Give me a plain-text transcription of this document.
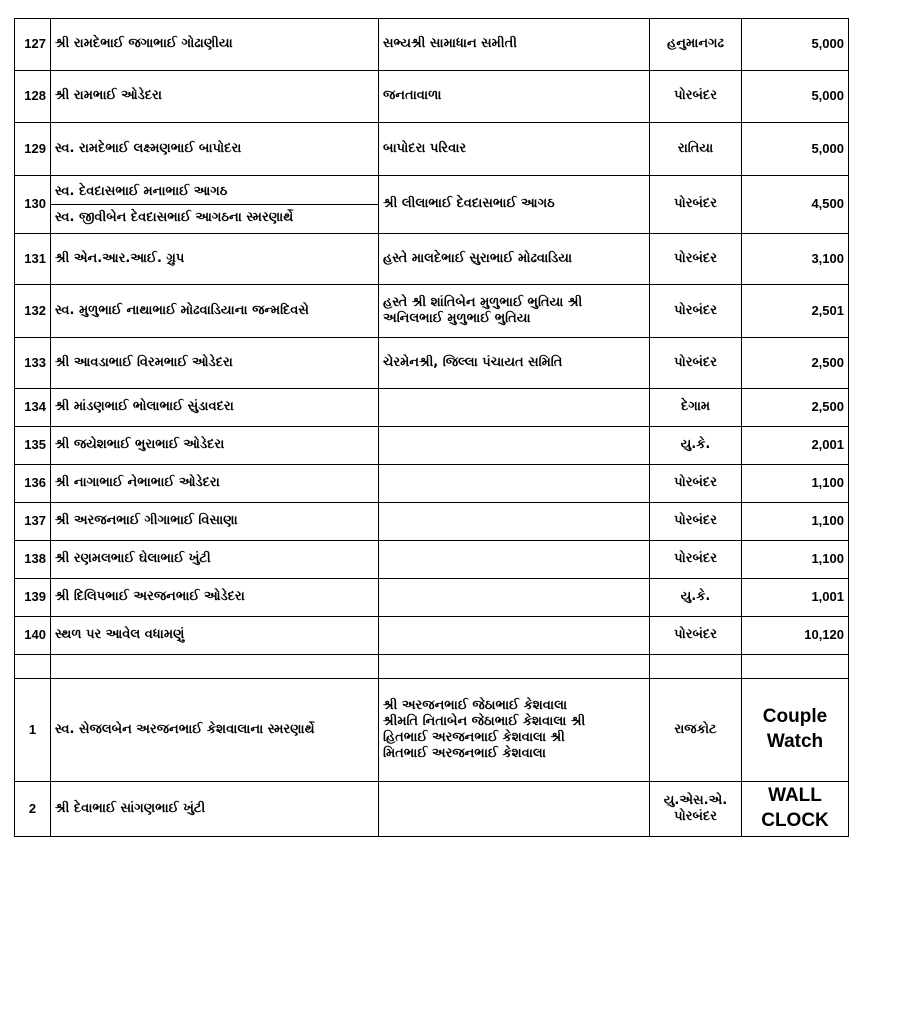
127	શ્રી રામદેભાઈ જગાભાઈ ગોઢાણીયા	સભ્યશ્રી સામાધાન સમીતી	હનુમાનગઢ	5,000
128	શ્રી રામભાઈ ઓડેદરા	જનતાવાળા	પોરબંદર	5,000
129	સ્વ. રામદેભાઈ લક્ષ્મણભાઈ બાપોદરા	બાપોદરા પરિવાર	રાતિયા	5,000
130	સ્વ. દેવદાસભાઈ મનાભાઈ આગઠ
સ્વ. જીવીબેન દેવદાસભાઈ આગઠના સ્મરણાર્થે	શ્રી લીલાભાઈ દેવદાસભાઈ આગઠ	પોરબંદર	4,500
131	શ્રી એન.આર.આઈ. ગ્રુપ	હસ્તે માલદેભાઈ સુરાભાઈ મોઢવાડિયા	પોરબંદર	3,100
132	સ્વ. મુળુભાઈ નાથાભાઈ મોઢવાડિયાના જન્મદિવસે	હસ્તે શ્રી શાંતિબેન મુળુભાઈ ભુતિયા શ્રી
અનિલભાઈ મુળુભાઈ ભુતિયા	પોરબંદર	2,501
133	શ્રી આવડાભાઈ વિરમભાઈ ઓડેદરા	ચેરમેનશ્રી, જિલ્લા પંચાયત સમિતિ	પોરબંદર	2,500
134	શ્રી માંડણભાઈ ભોલાભાઈ સુંડાવદરા		દેગામ	2,500
135	શ્રી જયેશભાઈ ભુરાભાઈ ઓડેદરા		યુ.કે.	2,001
136	શ્રી નાગાભાઈ નેભાભાઈ ઓડેદરા		પોરબંદર	1,100
137	શ્રી અરજનભાઈ ગીગાભાઈ વિસાણા		પોરબંદર	1,100
138	શ્રી રણમલભાઈ ઘેલાભાઈ ખુંટી		પોરબંદર	1,100
139	શ્રી દિલિપભાઈ અરજનભાઈ ઓડેદરા		યુ.કે.	1,001
140	સ્થળ પર આવેલ વધામણું		પોરબંદર	10,120

1	સ્વ. સેજલબેન અરજનભાઈ કેશવાલાના સ્મરણાર્થે	શ્રી અરજનભાઈ જેઠાભાઈ કેશવાલા
શ્રીમતિ નિતાબેન જેઠાભાઈ કેશવાલા શ્રી
હિતભાઈ અરજનભાઈ કેશવાલા શ્રી
મિતભાઈ અરજનભાઈ કેશવાલા	રાજકોટ	Couple
Watch

2	શ્રી દેવાભાઈ સાંગણભાઈ ખુંટી		યુ.એસ.એ.
પોરબંદર	WALL
CLOCK
